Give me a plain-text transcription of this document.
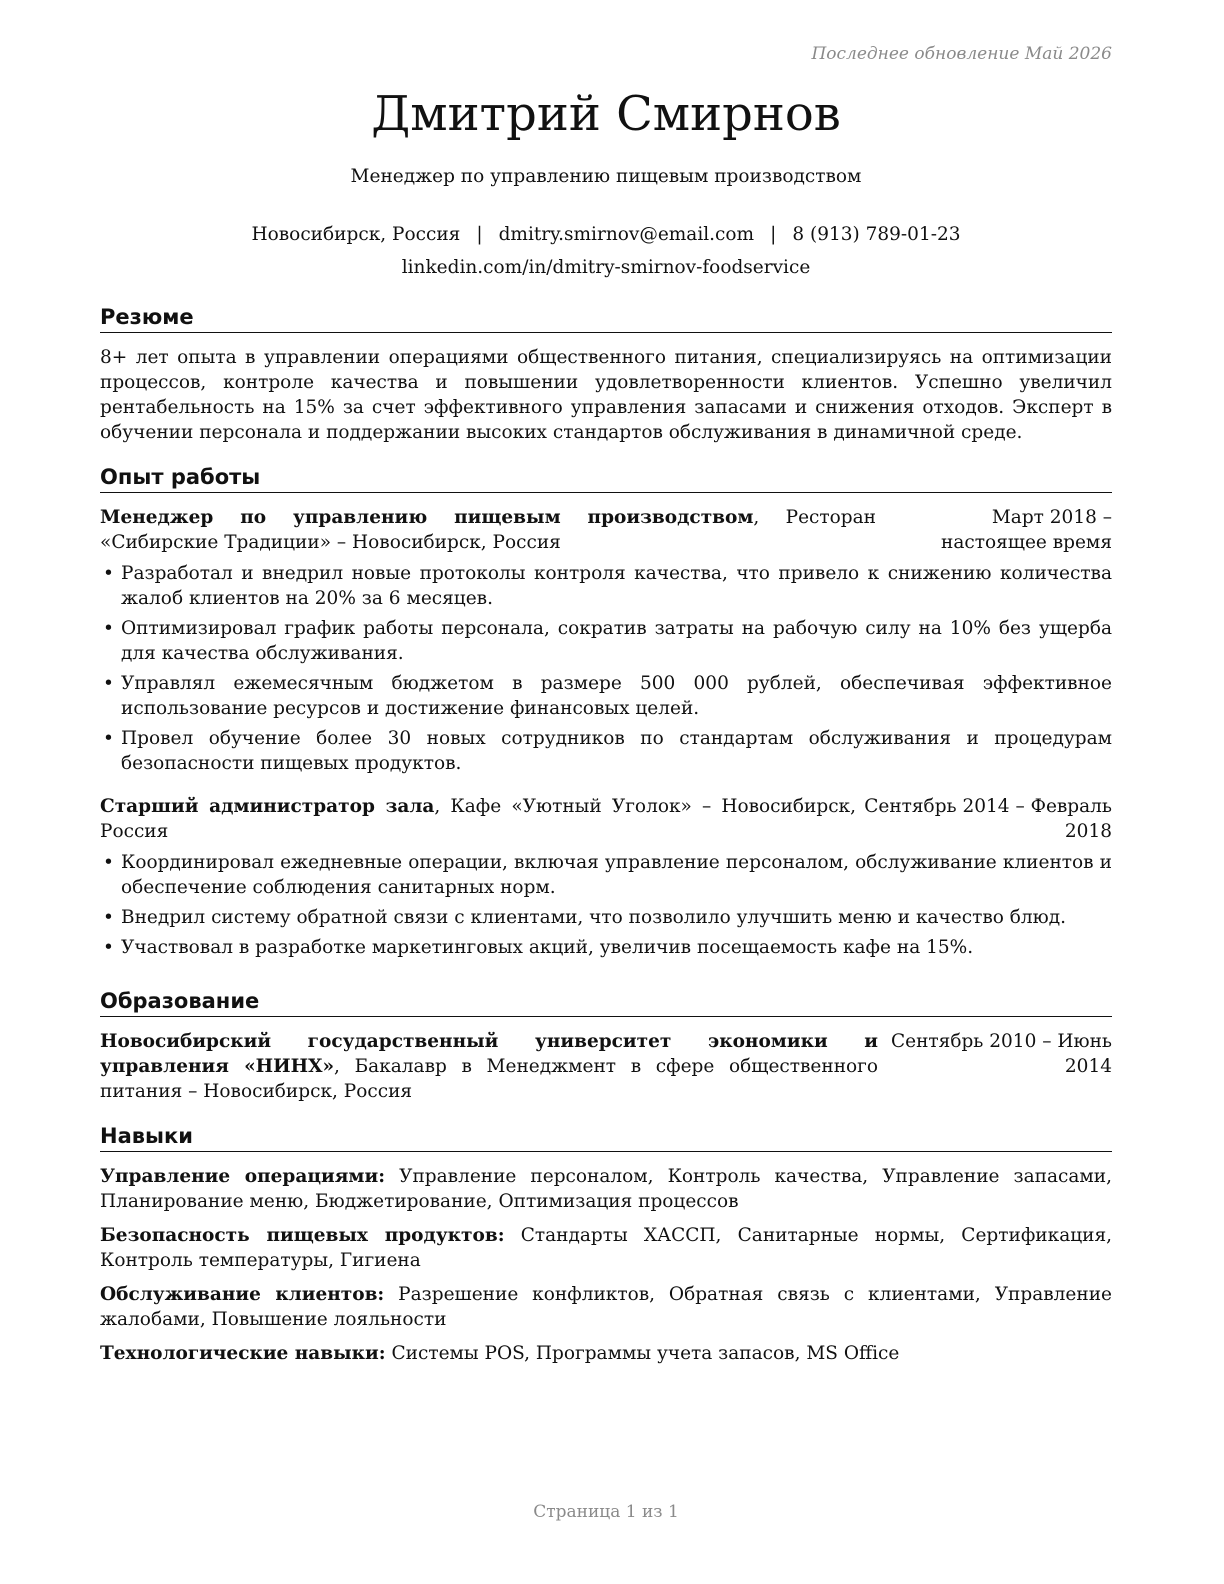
Последнее обновление Май 2026
Дмитрий Смирнов
Менеджер по управлению пищевым производством
Новосибирск, Россия | dmitry.smirnov@email.com | 8 (913) 789-01-23
linkedin.com/in/dmitry-smirnov-foodservice
Резюме
8+ лет опыта в управлении операциями общественного питания, специализируясь на оптимизации процессов, контроле качества и повышении удовлетворенности клиентов. Успешно увеличил рентабельность на 15% за счет эффективного управления запасами и снижения отходов. Эксперт в обучении персонала и поддержании высоких стандартов обслуживания в динамичной среде.
Опыт работы
Менеджер по управлению пищевым производством, Ресторан «Сибирские Традиции» – Новосибирск, Россия
Март 2018 – настоящее время
• Разработал и внедрил новые протоколы контроля качества, что привело к снижению количества жалоб клиентов на 20% за 6 месяцев.
• Оптимизировал график работы персонала, сократив затраты на рабочую силу на 10% без ущерба для качества обслуживания.
• Управлял ежемесячным бюджетом в размере 500 000 рублей, обеспечивая эффективное использование ресурсов и достижение финансовых целей.
• Провел обучение более 30 новых сотрудников по стандартам обслуживания и процедурам безопасности пищевых продуктов.
Старший администратор зала, Кафе «Уютный Уголок» – Новосибирск, Россия
Сентябрь 2014 – Февраль 2018
• Координировал ежедневные операции, включая управление персоналом, обслуживание клиентов и обеспечение соблюдения санитарных норм.
• Внедрил систему обратной связи с клиентами, что позволило улучшить меню и качество блюд.
• Участвовал в разработке маркетинговых акций, увеличив посещаемость кафе на 15%.
Образование
Новосибирский государственный университет экономики и управления «НИНХ», Бакалавр в Менеджмент в сфере общественного питания – Новосибирск, Россия
Сентябрь 2010 – Июнь 2014
Навыки
Управление операциями: Управление персоналом, Контроль качества, Управление запасами, Планирование меню, Бюджетирование, Оптимизация процессов
Безопасность пищевых продуктов: Стандарты ХАССП, Санитарные нормы, Сертификация, Контроль температуры, Гигиена
Обслуживание клиентов: Разрешение конфликтов, Обратная связь с клиентами, Управление жалобами, Повышение лояльности
Технологические навыки: Системы POS, Программы учета запасов, MS Office
Страница 1 из 1
